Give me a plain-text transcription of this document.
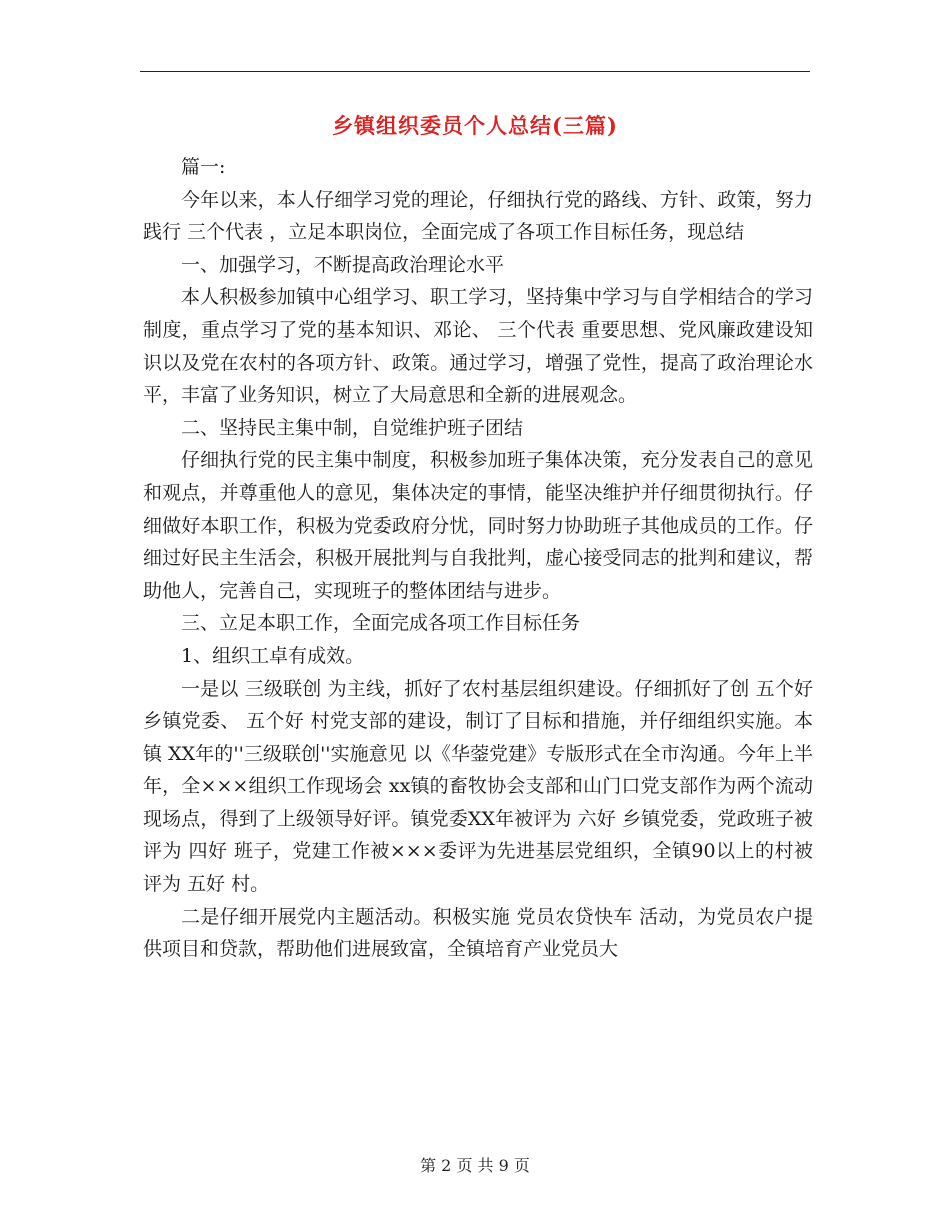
乡镇组织委员个人总结(三篇)

篇一:

今年以来，本人仔细学习党的理论，仔细执行党的路线、方针、政策，努力践行 三个代表 ，立足本职岗位，全面完成了各项工作目标任务，现总结

一、加强学习，不断提高政治理论水平

本人积极参加镇中心组学习、职工学习，坚持集中学习与自学相结合的学习制度，重点学习了党的基本知识、邓论、 三个代表 重要思想、党风廉政建设知识以及党在农村的各项方针、政策。通过学习，增强了党性，提高了政治理论水平，丰富了业务知识，树立了大局意思和全新的进展观念。

二、坚持民主集中制，自觉维护班子团结

仔细执行党的民主集中制度，积极参加班子集体决策，充分发表自己的意见和观点，并尊重他人的意见，集体决定的事情，能坚决维护并仔细贯彻执行。仔细做好本职工作，积极为党委政府分忧，同时努力协助班子其他成员的工作。仔细过好民主生活会，积极开展批判与自我批判，虚心接受同志的批判和建议，帮助他人，完善自己，实现班子的整体团结与进步。

三、立足本职工作，全面完成各项工作目标任务

1、组织工卓有成效。

一是以 三级联创 为主线，抓好了农村基层组织建设。仔细抓好了创 五个好 乡镇党委、 五个好 村党支部的建设，制订了目标和措施，并仔细组织实施。本镇 XX年的''三级联创''实施意见 以《华蓥党建》专版形式在全市沟通。今年上半年，全×××组织工作现场会 xx镇的畜牧协会支部和山门口党支部作为两个流动现场点，得到了上级领导好评。镇党委XX年被评为 六好 乡镇党委，党政班子被评为 四好 班子，党建工作被×××委评为先进基层党组织，全镇90以上的村被评为 五好 村。

二是仔细开展党内主题活动。积极实施 党员农贷快车 活动，为党员农户提供项目和贷款，帮助他们进展致富，全镇培育产业党员大

第 2 页 共 9 页
